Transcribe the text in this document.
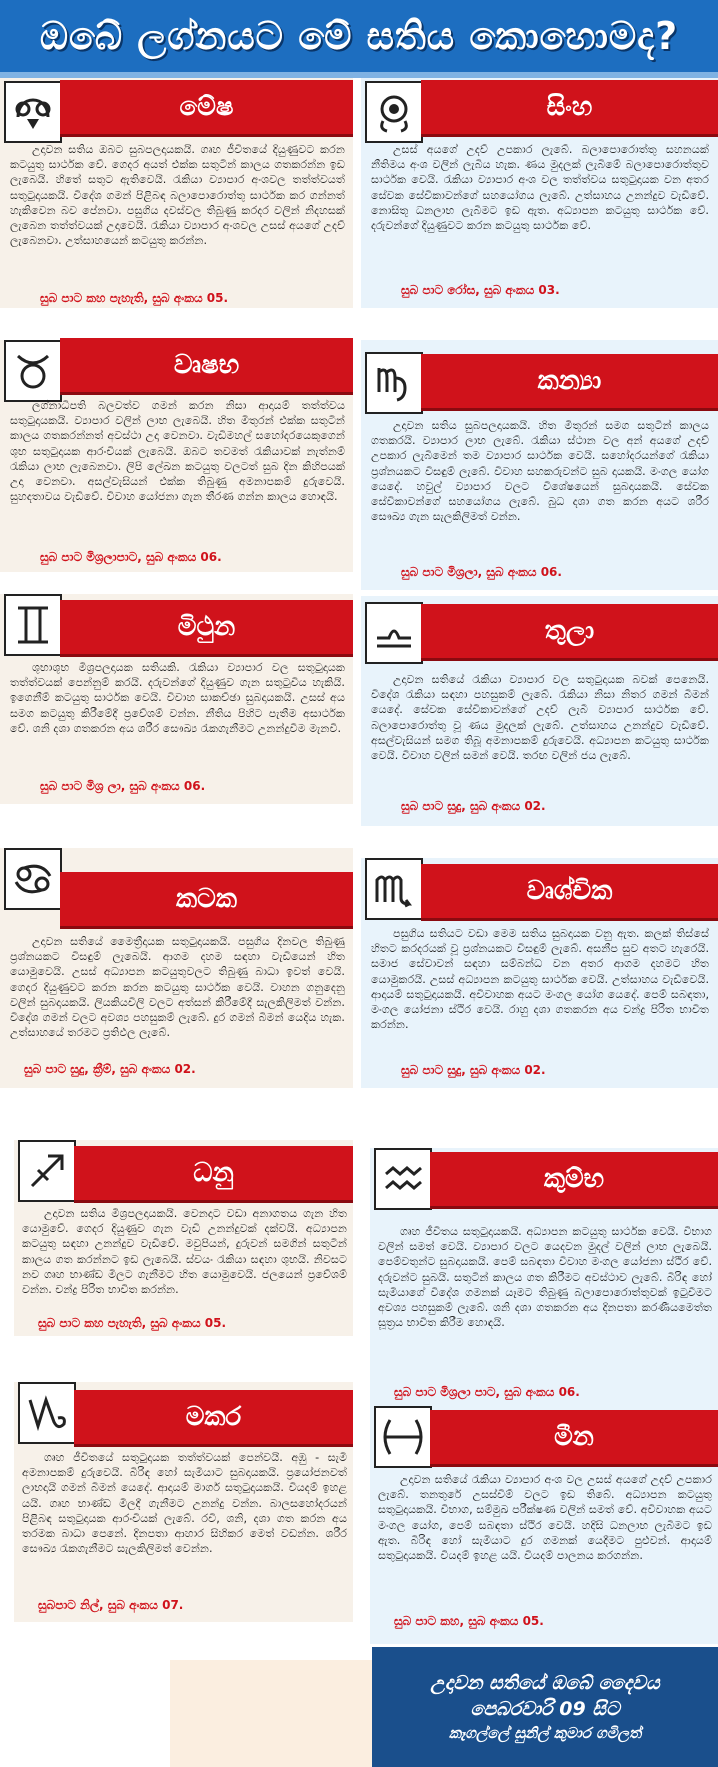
ඔබේ ලග්නයට මේ සතිය කොහොමද?
මේෂ
උදාවන සතිය ඔබට සුබපලදායකයි. ගෘහ ජීවිතයේ දියුණුවට කරන කටයුතු සාර්ථක වේ. ගෙදර අයත් එක්ක සතුටින් කාලය ගතකරන්න ඉඩ ලැබෙයි. හිතේ සතුට ඇතිවෙයි. රැකියා ව්‍යාපාර අංශවල තත්ත්වයත් සතුටුදායකයි. විදේශ ගමන් පිළිබඳ බලාපොරොත්තු සාර්ථක කර ගන්නත් හැකිවෙන බව පේනවා. පසුගිය දවස්වල තිබුණු කරදර වලින් නිදහසක් ලැබෙන තත්ත්වයක් උදාවෙයි. රැකියා ව්‍යාපාර අංශවල උසස් අයගේ උදව් ලැබෙනවා. උත්සාහයෙන් කටයුතු කරන්න.
සුබ පාට කහ පැහැති, සුබ අංකය 05.
සිංහ
උසස් අයගේ උදව් උපකාර ලැබේ. බලාපොරොත්තු සහනයක් නීතිමය අංශ වලින් ලැබිය හැක. ණය මුදලක් ලැබීමේ බලාපොරොත්තුව සාර්ථක වෙයි. රැකියා ව්‍යාපාර අංශ වල තත්ත්වය සතුටුදායක වන අතර සේවක සේවිකාවන්ගේ සහයෝගය ලැබේ. උත්සාහය උනන්දුව වැඩිවේ. නොසිතූ ධනලාභ ලැබීමට ඉඩ ඇත. අධ්‍යාපන කටයුතු සාර්ථක වේ. දරුවන්ගේ දියුණුවට කරන කටයුතු සාර්ථක වේ.
සුබ පාට රෝස, සුබ අංකය 03.
වෘෂභ
ලග්නාධිපති බලවත්ව ගමන් කරන නිසා ආදායම් තත්ත්වය සතුටුදායකයි. ව්‍යාපාර වලින් ලාභ ලැබෙයි. හිත මිතුරන් එක්ක සතුටින් කාලය ගතකරන්නත් අවස්ථා උදා වෙනවා. වැඩිමහල් සහෝදරයෙකුගෙන් ශුභ සතුටුදායක ආරංචියක් ලැබෙයි. ඔබට තවමත් රැකියාවක් නැත්නම් රැකියා ලාභ ලැබෙනවා. ලිපි ලේඛන කටයුතු වලටත් සුබ දින කිහිපයක් උදා වෙනවා. අසල්වැසියන් එක්ක තිබුණු අමනාපකම් දුරුවෙයි. සුහදතාවය වැඩිවේ. විවාහ යෝජනා ගැන තීරණ ගන්න කාලය හොඳයි.
සුබ පාට මිශ්‍රලාපාට, සුබ අංකය 06.
කන්‍යා
උදාවන සතිය සුබපලදායකයි. හිත මිතුරන් සමග සතුටින් කාලය ගතකරයි. ව්‍යාපාර ලාභ ලැබේ. රැකියා ස්ථාන වල අන් අයගේ උදව් උපකාර ලැබීමෙන් තම ව්‍යාපාර සාර්ථක වෙයි. සහෝදරයන්ගේ රැකියා ප්‍රශ්නයකට විසඳුම් ලැබේ. විවාහ සහකරුවන්ට සුබ දායකයි. මංගල යෝග යෙදේ. හවුල් ව්‍යාපාර වලට විශේෂයෙන් සුබදායකයි. සේවක සේවිකාවන්ගේ සහයෝගය ලැබේ. බුධ දශා ගත කරන අයට ශරීර සෞඛ්‍ය ගැන සැලකිලිමත් වන්න.
සුබ පාට මිශ්‍රලා, සුබ අංකය 06.
මිථුන
ශුභාශුභ මිශ්‍රපලදායක සතියකි. රැකියා ව්‍යාපාර වල සතුටුදායක තත්ත්වයක් පෙන්නුම් කරයි. දරුවන්ගේ දියුණුව ගැන සතුටුවිය හැකියි. ඉගෙනීම් කටයුතු සාර්ථක වෙයි. විවාහ සාකච්ඡා සුබදායකයි. උසස් අය සමග කටයුතු කිරීමේදී ප්‍රවේශම් වන්න. නීතිය පිහිට පැතීම අසාර්ථක වේ. ශනි දශා ගතකරන අය ශරීර සෞඛ්‍ය රැකගැනීමට උනන්දුවීම මැනවී.
සුබ පාට මිශ්‍ර ලා, සුබ අංකය 06.
තුලා
උදාවන සතියේ රැකියා ව්‍යාපාර වල සතුටුදායක බවක් පෙනෙයි. විදේශ රැකියා සඳහා පහසුකම් ලැබේ. රැකියා නිසා නිතර ගමන් බිමන් යෙදේ. සේවක සේවිකාවන්ගේ උදව් ලැබී ව්‍යාපාර සාර්ථක වේ. බලාපොරොත්තු වූ ණය මුදලක් ලැබේ. උත්සාහය උනන්දුව වැඩිවේ. අසල්වැසියන් සමග තිබූ අමනාපකම් දුරුවෙයි. අධ්‍යාපන කටයුතු සාර්ථක වෙයි. විවාහ වලින් සමන් වෙයි. තරඟ වලින් ජය ලැබේ.
සුබ පාට සුදු, සුබ අංකය 02.
කටක
උදාවන සතියේ මෛත්‍රීදායක සතුටුදායකයි. පසුගිය දිනවල තිබුණු ප්‍රශ්නයකට විසඳුම් ලැබෙයි. ආගම දහම සඳහා වැඩියෙන් හිත යොමුවෙයි. උසස් අධ්‍යාපන කටයුතුවලට තිබුණු බාධා ඉවත් වෙයි. ගෙදර දියුණුවට කරන කරන කටයුතු සාර්ථක වෙයි. වාහන ගනුදෙනු වලින් සුබදායකයි. ලියකියවිලි වලට අත්සන් කිරීමේදී සැලකිලිමත් වන්න. විදේශ ගමන් වලට අවශ්‍ය පහසුකම් ලැබේ. දුර ගමන් බිමන් යෙදිය හැක. උත්සාහයේ තරමට ප්‍රතිඵල ලැබේ.
සුබ පාට සුදු, ක්‍රීම්, සුබ අංකය 02.
වෘශ්චික
පසුගිය සතියට වඩා මෙම සතිය සුබදායක වනු ඇත. කලක් තිස්සේ හිතට කරදරයක් වූ ප්‍රශ්නයකට විසඳුම් ලැබේ. අසනීප සුව අතට හැරෙයි. සමාජ සේවාවන් සඳහා සම්බන්ධ වන අතර ආගම දහමට හිත යොමුකරයි. උසස් අධ්‍යාපන කටයුතු සාර්ථක වෙයි. උත්සාහය වැඩිවෙයි. ආදායම් සතුටුදායකයි. අවිවාහක අයට මංගල යෝග යෙදේ. පෙම් සබඳතා, මංගල යෝජනා ස්ථිර වෙයි. රාහු දශා ගතකරන අය චන්ද්‍ර පිරිත භාවිත කරන්න.
සුබ පාට සුදු, සුබ අංකය 02.
ධනු
උදාවන සතිය මිශ්‍රපලදායකයි. වෙනදාට වඩා අනාගතය ගැන හිත යොමුවේ. ගෙදර දියුණුව ගැන වැඩි උනන්දුවක් දක්වයි. අධ්‍යාපන කටයුතු සඳහා උනන්දුව වැඩිවේ. මවුපියන්, දුරුවන් සමගින් සතුටින් කාලය ගත කරන්නට ඉඩ ලැබෙයි. ස්වයං රැකියා සඳහා ශුභයි. නිවසට නව ගෘහ භාණ්ඩ මිලට ගැනීමට හිත යොමුවෙයි. ජලයෙන් ප්‍රවේශම් වන්න. චන්ද්‍ර පිරිත භාවිත කරන්න.
සුබ පාට කහ පැහැති, සුබ අංකය 05.
කුම්භ
ගෘහ ජීවිතය සතුටුදායකයි. අධ්‍යාපන කටයුතු සාර්ථක වෙයි. විභාග වලින් සමත් වෙයි. ව්‍යාපාර වලට යෙදවන මුදල් වලින් ලාභ ලැබෙයි. පෙම්වතුන්ට සුබදායකයි. පෙම් සබඳතා විවාහ මංගල යෝජනා ස්ථිර වේ. දරුවන්ට සුබයි. සතුටින් කාලය ගත කිරීමට අවස්ථාව ලැබේ. බිරිඳ හෝ සැමියාගේ විදේශ ගමනක් යෑමට තිබුණු බලාපොරොත්තුවක් ඉටුවීමට අවශ්‍ය පහසුකම් ලැබේ. ශනි දශා ගතකරන අය දිනපතා කරණීයමෙත්ත සූත්‍රය භාවිත කිරීම හොඳයි.
සුබ පාට මිශ්‍රලා පාට, සුබ අංකය 06.
මකර
ගෘහ ජීවිතයේ සතුටුදායක තත්ත්වයක් පෙන්වයි. අඹු - සැමි අමනාපකම් දුරුවෙයි. බිරිඳ හෝ සැමියාට සුබදායකයි. ප්‍රයෝජනවත් ලාභදායි ගමන් බිමන් යෙදේ. ආදායම් මාර්ග සතුටුදායකයි. වියදම් ඉහළ යයි. ගෘහ භාණ්ඩ මිලදී ගැනීමට උනන්දු වන්න. බාලසහෝදරයන් පිළිබඳ සතුටුදායක ආරංචියක් ලැබේ. රවි, ශනි, දශා ගත කරන අය තරමක බාධා පෙනේ. දිනපතා ආහාර සිහිකර මෙත් වඩන්න. ශරීර සෞඛ්‍ය රැකගැනීමට සැලකිලිමත් වෙන්න.
සුබපාට නිල්, සුබ අංකය 07.
මීන
උදාවන සතියේ රැකියා ව්‍යාපාර අංශ වල උසස් අයගේ උදව් උපකාර ලැබේ. තනතුරේ උසස්වීම් වලට ඉඩ තිබේ. අධ්‍යාපන කටයුතු සතුටුදායකයි. විභාග, සම්මුඛ පරීක්ෂණ වලින් සමත් වේ. අවිවාහක අයට මංගල යෝග, පෙම් සබඳතා ස්ථිර වෙයි. හදිසි ධනලාභ ලැබීමට ඉඩ ඇත. බිරිඳ හෝ සැමියාට දුර ගමනක් යෙදීමට පුළුවන්. ආදායම් සතුටුදායකයි. වියදම් ඉහළ යයි. වියදම් පාලනය කරගන්න.
සුබ පාට කහ, සුබ අංකය 05.
උදාවන සතියේ ඔබේ දෛවය
පෙබරවාරි 09 සිට
කෑගල්ලේ සුනිල් කුමාර ගමිලත්
